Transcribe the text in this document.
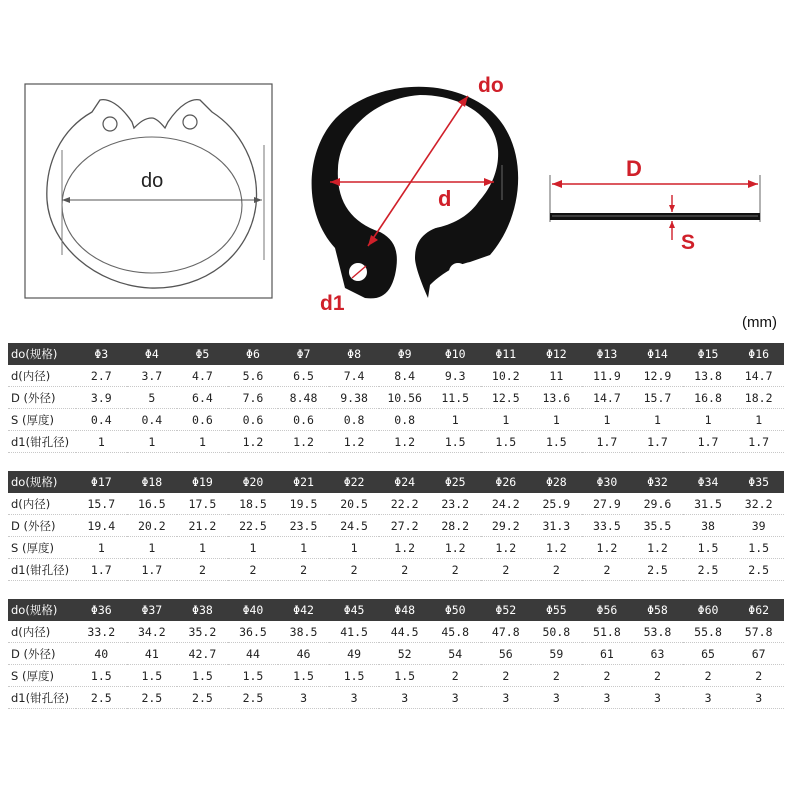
do
do
d
d1
D
S
(mm)
do(规格)	Φ3	Φ4	Φ5	Φ6	Φ7	Φ8	Φ9	Φ10	Φ11	Φ12	Φ13	Φ14	Φ15	Φ16
d(内径)	2.7	3.7	4.7	5.6	6.5	7.4	8.4	9.3	10.2	11	11.9	12.9	13.8	14.7
D (外径)	3.9	5	6.4	7.6	8.48	9.38	10.56	11.5	12.5	13.6	14.7	15.7	16.8	18.2
S (厚度)	0.4	0.4	0.6	0.6	0.6	0.8	0.8	1	1	1	1	1	1	1
d1(钳孔径)	1	1	1	1.2	1.2	1.2	1.2	1.5	1.5	1.5	1.7	1.7	1.7	1.7
do(规格)	Φ17	Φ18	Φ19	Φ20	Φ21	Φ22	Φ24	Φ25	Φ26	Φ28	Φ30	Φ32	Φ34	Φ35
d(内径)	15.7	16.5	17.5	18.5	19.5	20.5	22.2	23.2	24.2	25.9	27.9	29.6	31.5	32.2
D (外径)	19.4	20.2	21.2	22.5	23.5	24.5	27.2	28.2	29.2	31.3	33.5	35.5	38	39
S (厚度)	1	1	1	1	1	1	1.2	1.2	1.2	1.2	1.2	1.2	1.5	1.5
d1(钳孔径)	1.7	1.7	2	2	2	2	2	2	2	2	2	2.5	2.5	2.5
do(规格)	Φ36	Φ37	Φ38	Φ40	Φ42	Φ45	Φ48	Φ50	Φ52	Φ55	Φ56	Φ58	Φ60	Φ62
d(内径)	33.2	34.2	35.2	36.5	38.5	41.5	44.5	45.8	47.8	50.8	51.8	53.8	55.8	57.8
D (外径)	40	41	42.7	44	46	49	52	54	56	59	61	63	65	67
S (厚度)	1.5	1.5	1.5	1.5	1.5	1.5	1.5	2	2	2	2	2	2	2
d1(钳孔径)	2.5	2.5	2.5	2.5	3	3	3	3	3	3	3	3	3	3
